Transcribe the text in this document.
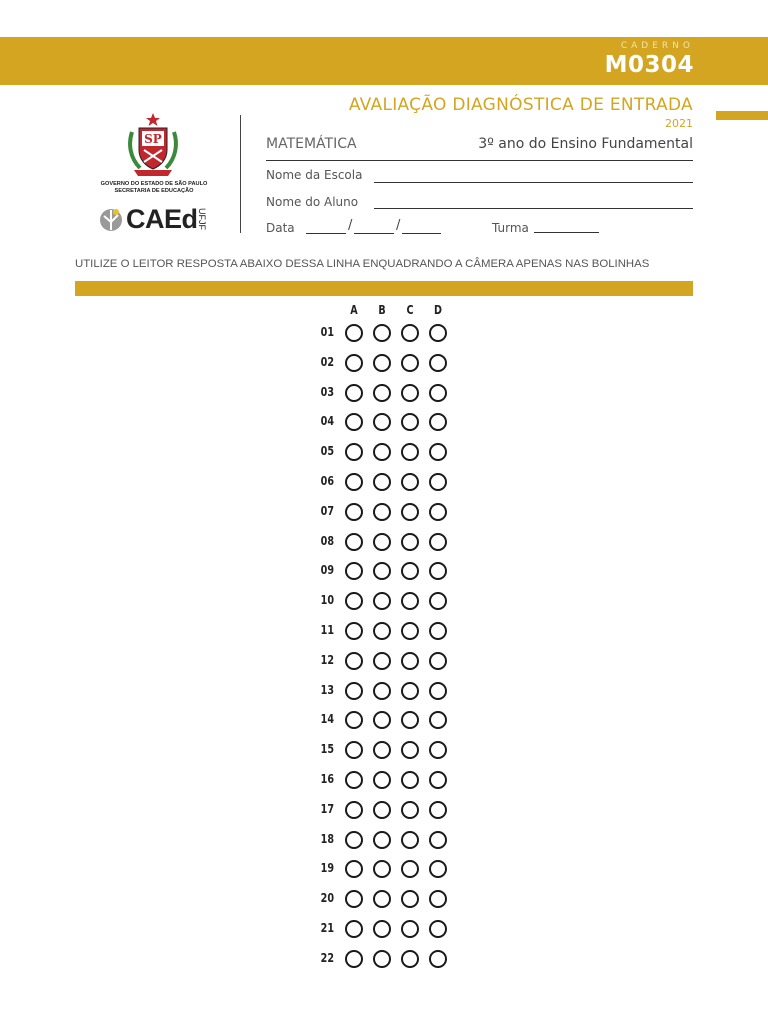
CADERNO
M0304
SP
GOVERNO DO ESTADO DE SÃO PAULO
SECRETARIA DE EDUCAÇÃO
CAEd UFJF
AVALIAÇÃO DIAGNÓSTICA DE ENTRADA
2021
MATEMÁTICA	3º ano do Ensino Fundamental
Nome da Escola
Nome do Aluno
Data	/	/	Turma
UTILIZE O LEITOR RESPOSTA ABAIXO DESSA LINHA ENQUADRANDO A CÂMERA APENAS NAS BOLINHAS
A	B	C	D
01
02
03
04
05
06
07
08
09
10
11
12
13
14
15
16
17
18
19
20
21
22
